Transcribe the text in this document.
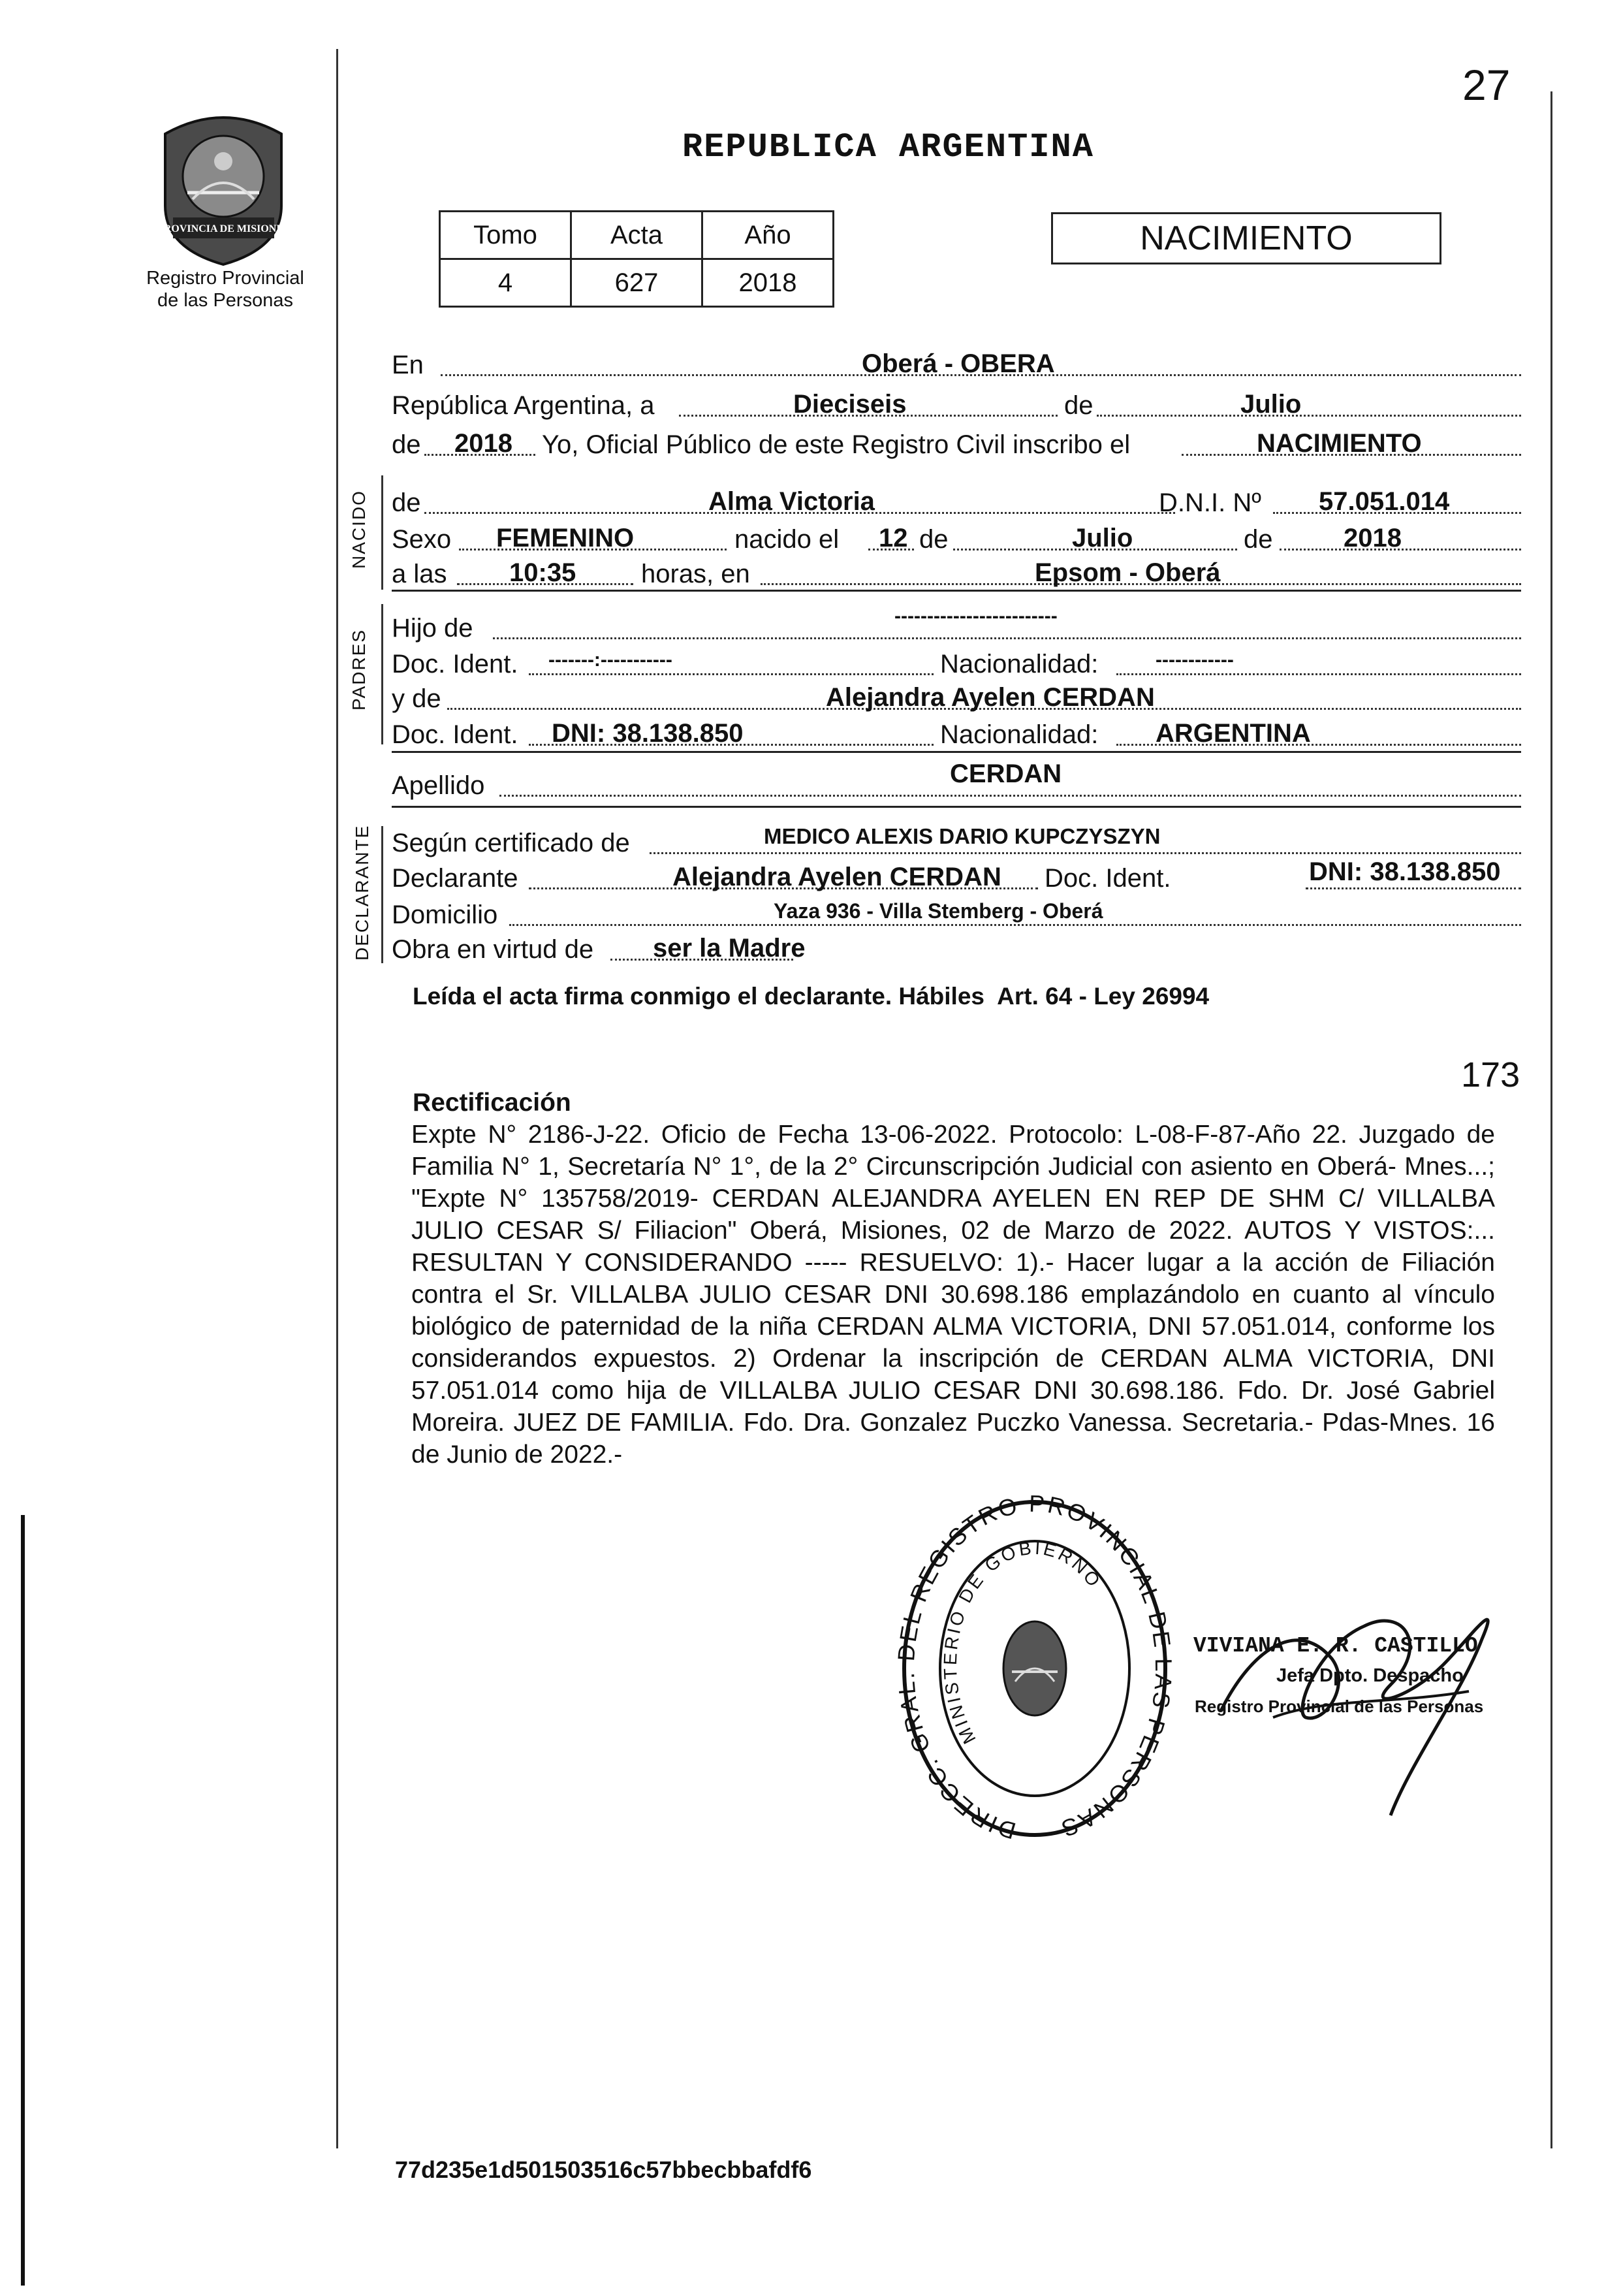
27
PROVINCIA DE MISIONES
Registro Provincial
de las Personas
REPUBLICA ARGENTINA
Tomo	Acta	Año
4	627	2018
NACIMIENTO
En	Oberá - OBERA
República Argentina, a	Dieciseis	de	Julio
de 2018 Yo, Oficial Público de este Registro Civil inscribo el	NACIMIENTO
NACIDO de	Alma Victoria	D.N.I. Nº 57.051.014
Sexo FEMENINO	nacido el 12 de	Julio	de	2018
a las 10:35 horas, en	Epsom - Oberá
PADRES
Hijo de	-------------------------
Doc. Ident. -------:-----------	Nacionalidad:	------------
y de	Alejandra Ayelen CERDAN
Doc. Ident. DNI: 38.138.850	Nacionalidad: ARGENTINA
Apellido	CERDAN
DECLARANTE Según certificado de	MEDICO ALEXIS DARIO KUPCZYSZYN
Declarante	Alejandra Ayelen CERDAN Doc. Ident.	DNI: 38.138.850
Domicilio	Yaza 936 - Villa Stemberg - Oberá
Obra en virtud de ser la Madre
Leída el acta firma conmigo el declarante. Hábiles  Art. 64 - Ley 26994
173
Rectificación
Expte N° 2186-J-22. Oficio de Fecha 13-06-2022. Protocolo: L-08-F-87-Año 22. Juzgado de Familia N° 1, Secretaría N° 1°, de la 2° Circunscripción Judicial con asiento en Oberá- Mnes...; "Expte N° 135758/2019- CERDAN ALEJANDRA AYELEN EN REP DE SHM C/ VILLALBA JULIO CESAR S/ Filiacion" Oberá, Misiones, 02 de Marzo de 2022. AUTOS Y VISTOS:... RESULTAN Y CONSIDERANDO ----- RESUELVO: 1).- Hacer lugar a la acción de Filiación contra el Sr. VILLALBA JULIO CESAR DNI 30.698.186 emplazándolo en cuanto al vínculo biológico de paternidad de la niña CERDAN ALMA VICTORIA, DNI 57.051.014, conforme los considerandos expuestos. 2) Ordenar la inscripción de CERDAN ALMA VICTORIA, DNI 57.051.014 como hija de VILLALBA JULIO CESAR DNI 30.698.186. Fdo. Dr. José Gabriel Moreira. JUEZ DE FAMILIA. Fdo. Dra. Gonzalez Puczko Vanessa. Secretaria.- Pdas-Mnes. 16 de Junio de 2022.-
DIRECC. GRAL. DEL REGISTRO PROVINCIAL DE LAS PERSONAS
MINISTERIO DE GOBIERNO
VIVIANA E. R. CASTILLO
Jefa Dpto. Despacho
Registro Provincial de las Personas
77d235e1d501503516c57bbecbbafdf6
